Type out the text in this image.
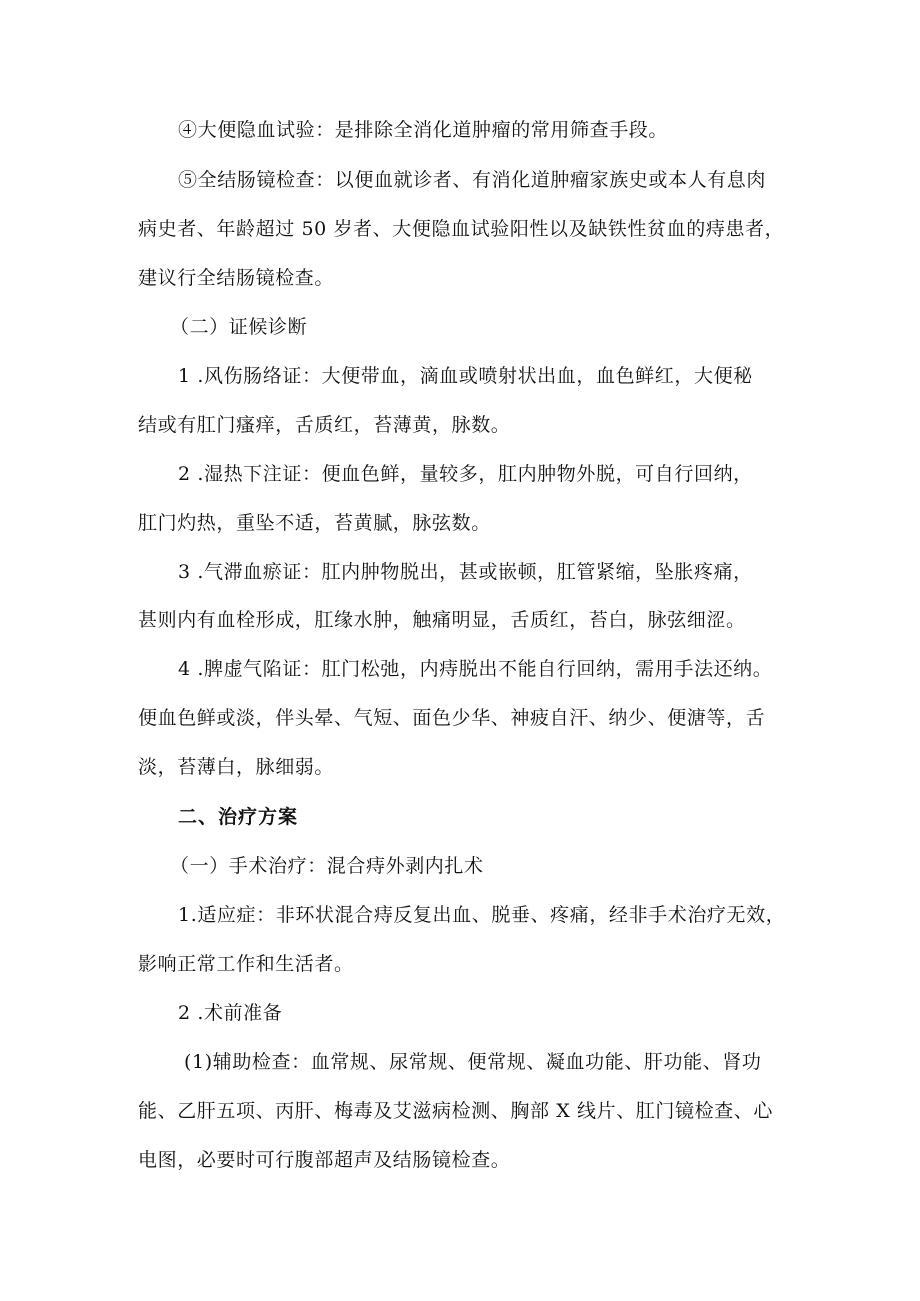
④大便隐血试验：是排除全消化道肿瘤的常用筛查手段。
⑤全结肠镜检查：以便血就诊者、有消化道肿瘤家族史或本人有息肉
病史者、年龄超过 50 岁者、大便隐血试验阳性以及缺铁性贫血的痔患者，
建议行全结肠镜检查。
（二）证候诊断
1 .风伤肠络证：大便带血，滴血或喷射状出血，血色鲜红，大便秘
结或有肛门瘙痒，舌质红，苔薄黄，脉数。
2 .湿热下注证：便血色鲜，量较多，肛内肿物外脱，可自行回纳，
肛门灼热，重坠不适，苔黄腻，脉弦数。
3 .气滞血瘀证：肛内肿物脱出，甚或嵌顿，肛管紧缩，坠胀疼痛，
甚则内有血栓形成，肛缘水肿，触痛明显，舌质红，苔白，脉弦细涩。
4 .脾虚气陷证：肛门松弛，内痔脱出不能自行回纳，需用手法还纳。
便血色鲜或淡，伴头晕、气短、面色少华、神疲自汗、纳少、便溏等，舌
淡，苔薄白，脉细弱。
二、治疗方案
（一）手术治疗：混合痔外剥内扎术
1.适应症：非环状混合痔反复出血、脱垂、疼痛，经非手术治疗无效，
影响正常工作和生活者。
2 .术前准备
(1)辅助检查：血常规、尿常规、便常规、凝血功能、肝功能、肾功
能、乙肝五项、丙肝、梅毒及艾滋病检测、胸部 X 线片、肛门镜检查、心
电图，必要时可行腹部超声及结肠镜检查。
